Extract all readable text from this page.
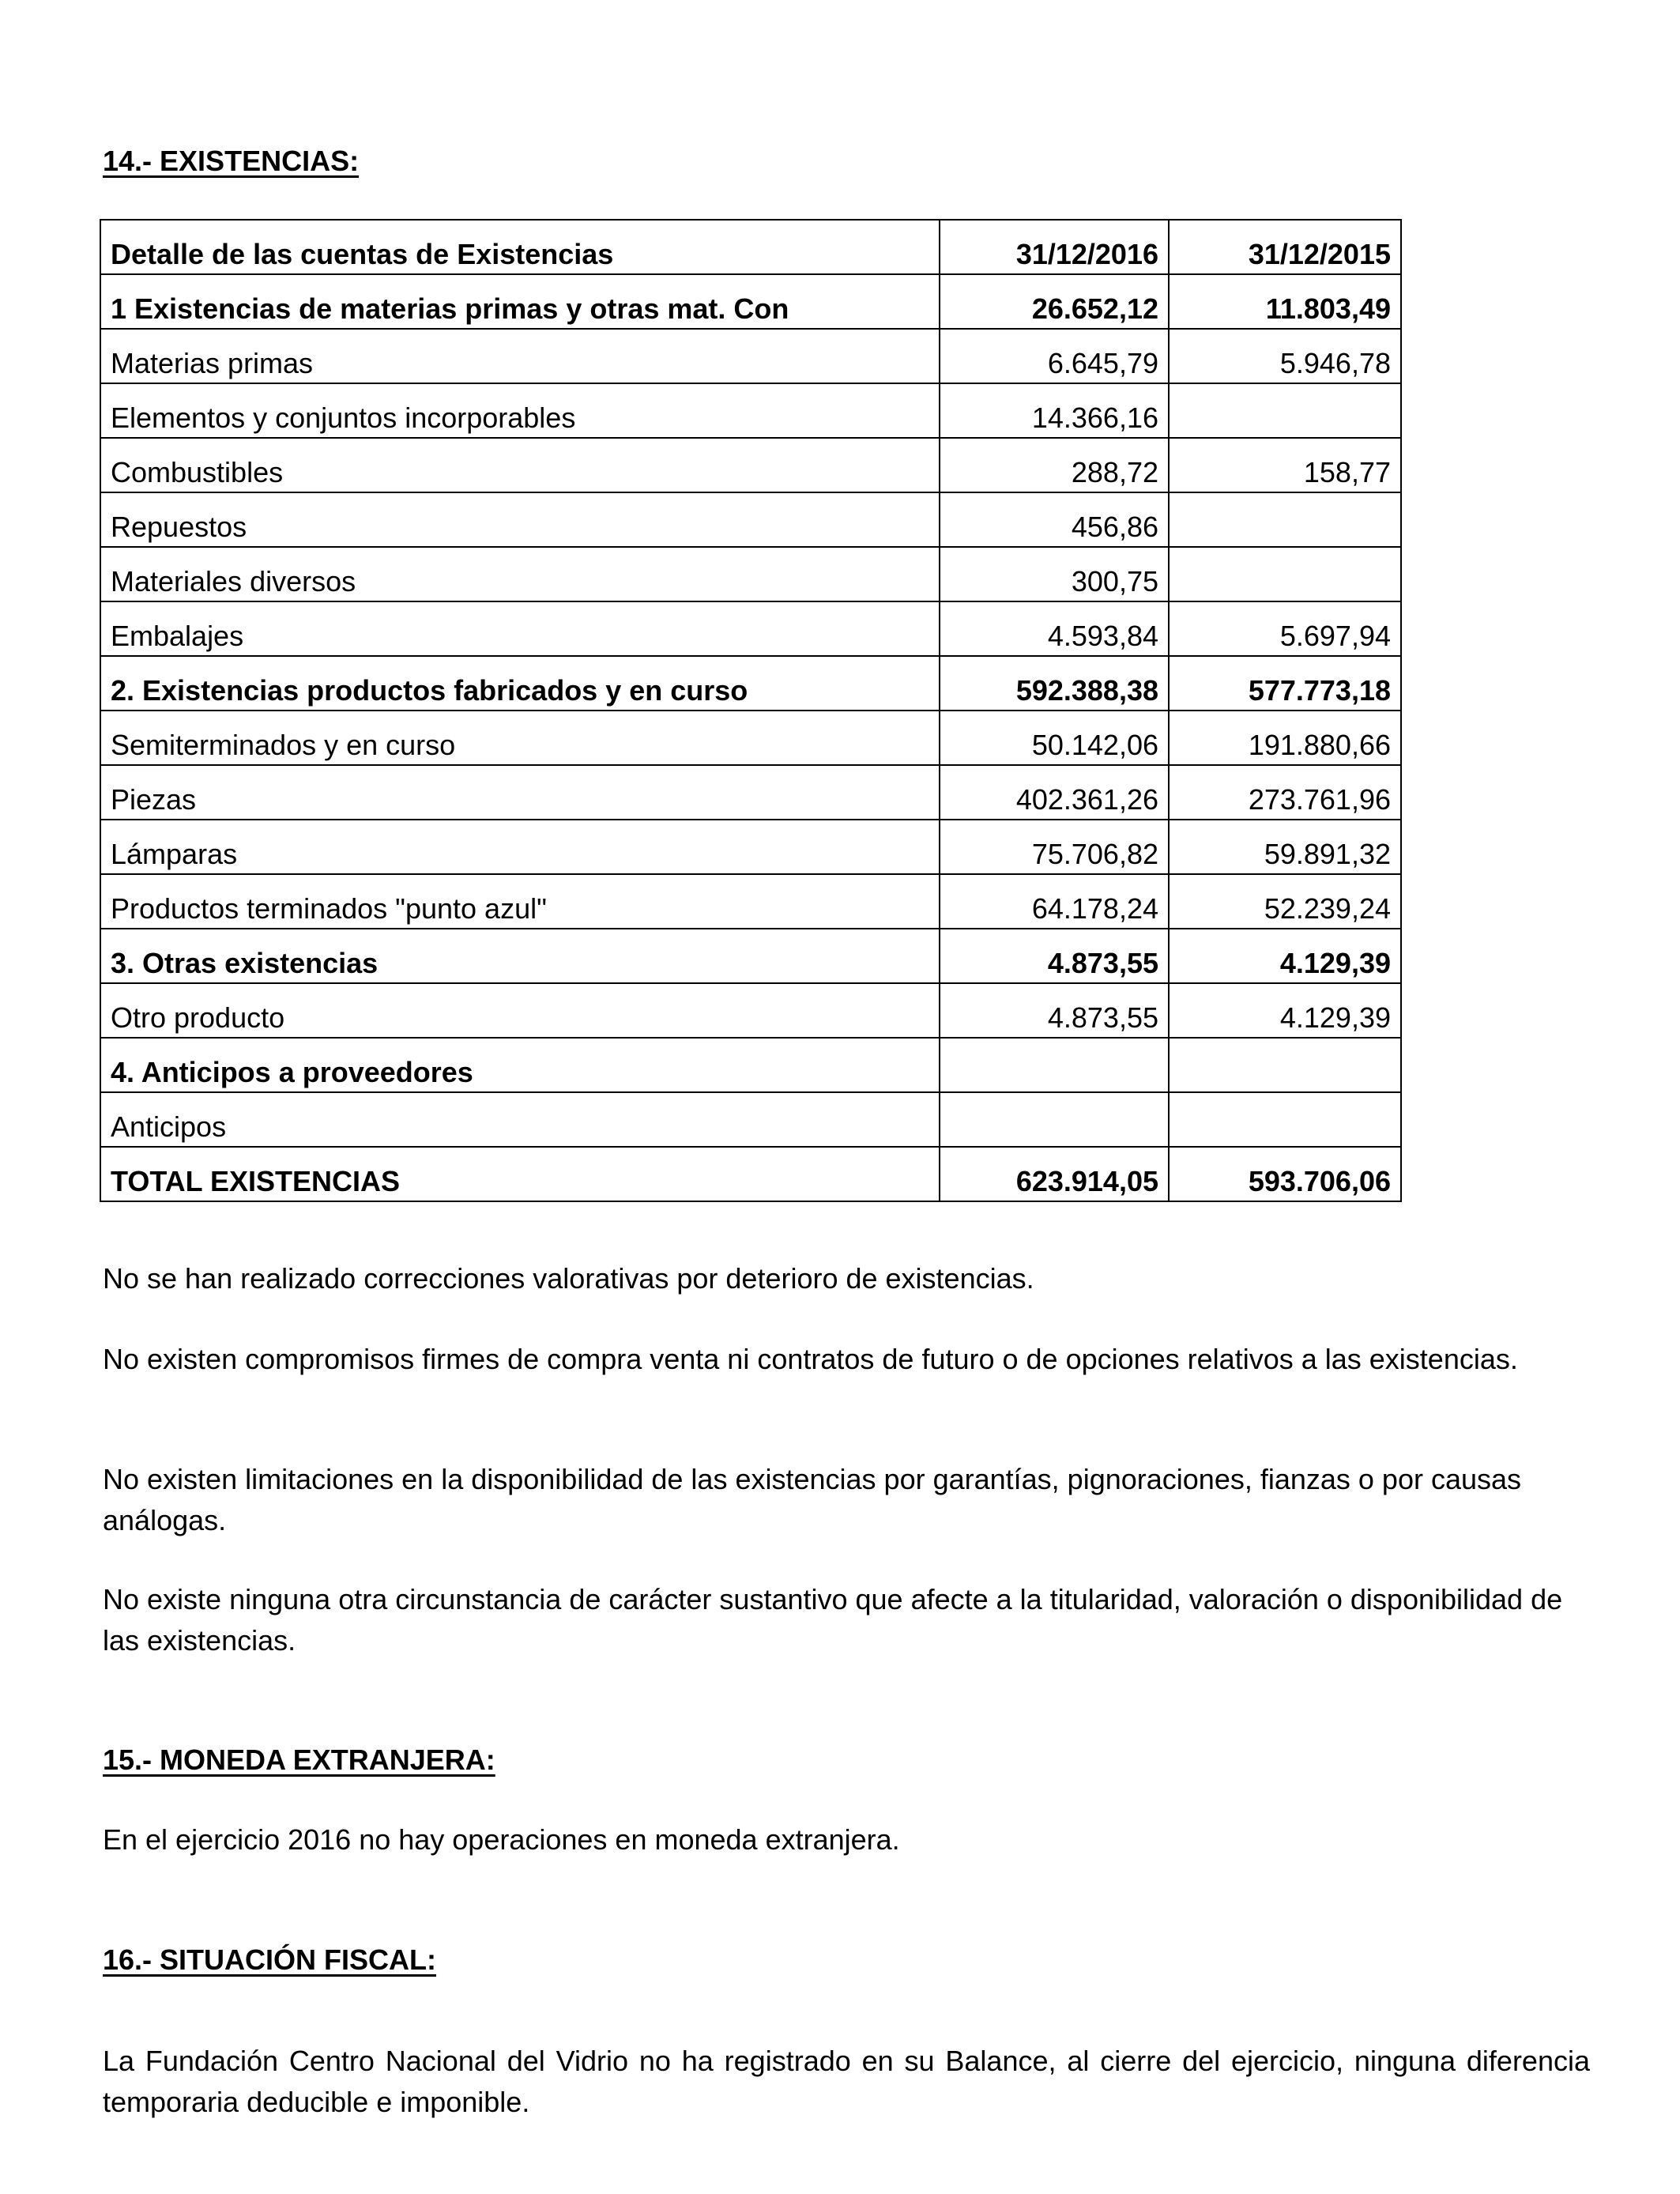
14.- EXISTENCIAS:
Detalle de las cuentas de Existencias	31/12/2016	31/12/2015
1 Existencias de materias primas y otras mat. Con	26.652,12	11.803,49
Materias primas	6.645,79	5.946,78
Elementos y conjuntos incorporables	14.366,16	
Combustibles	288,72	158,77
Repuestos	456,86	
Materiales diversos	300,75	
Embalajes	4.593,84	5.697,94
2. Existencias productos fabricados y en curso	592.388,38	577.773,18
Semiterminados y en curso	50.142,06	191.880,66
Piezas	402.361,26	273.761,96
Lámparas	75.706,82	59.891,32
Productos terminados "punto azul"	64.178,24	52.239,24
3. Otras existencias	4.873,55	4.129,39
Otro producto	4.873,55	4.129,39
4. Anticipos a proveedores		
Anticipos		
TOTAL EXISTENCIAS	623.914,05	593.706,06

No se han realizado correcciones valorativas por deterioro de existencias.

No existen compromisos firmes de compra venta ni contratos de futuro o de opciones relativos a las existencias.

No existen limitaciones en la disponibilidad de las existencias por garantías, pignoraciones, fianzas o por causas análogas.

No existe ninguna otra circunstancia de carácter sustantivo que afecte a la titularidad, valoración o disponibilidad de las existencias.

15.- MONEDA EXTRANJERA:

En el ejercicio 2016 no hay operaciones en moneda extranjera.

16.- SITUACIÓN FISCAL:

La Fundación Centro Nacional del Vidrio no ha registrado en su Balance, al cierre del ejercicio, ninguna diferencia temporaria deducible e imponible.
